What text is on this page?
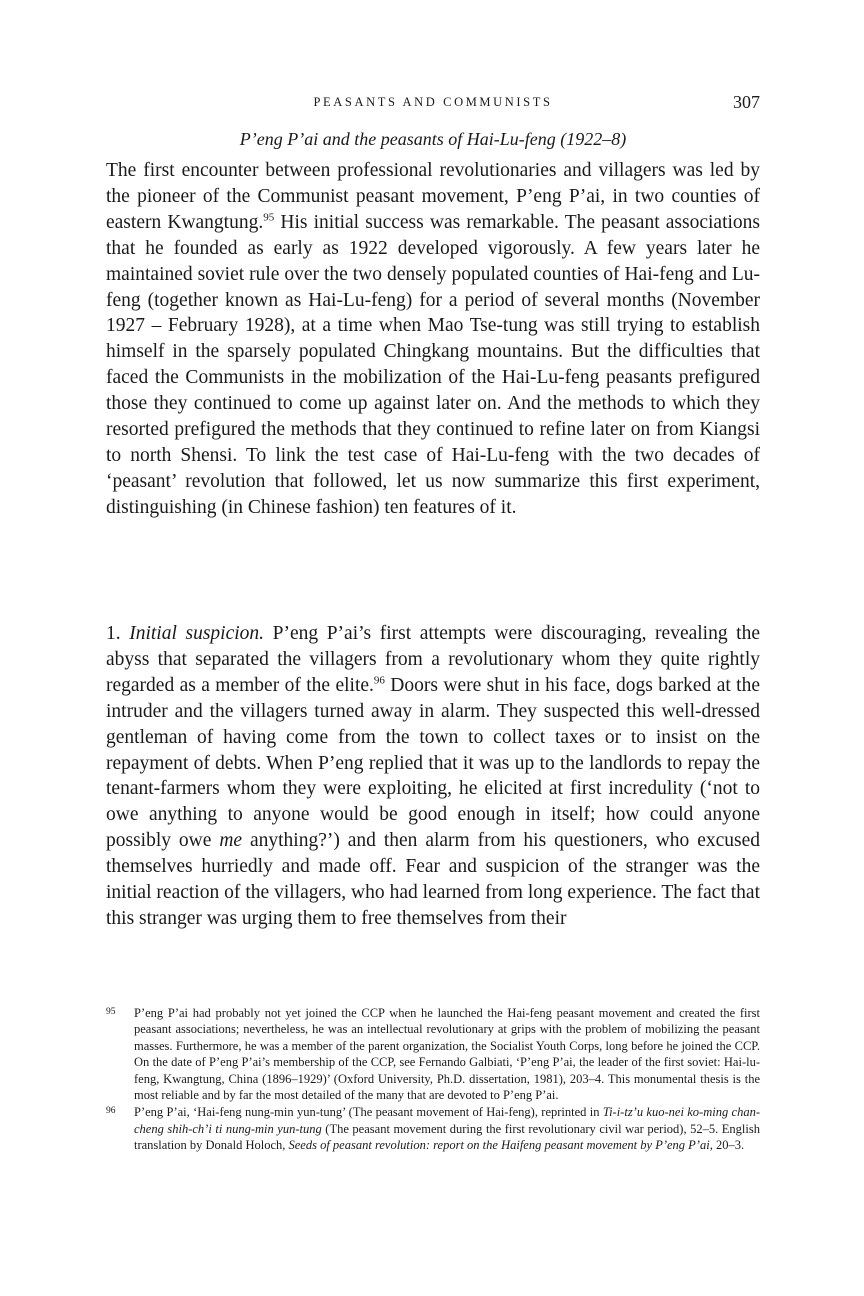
PEASANTS AND COMMUNISTS	307
P’eng P’ai and the peasants of Hai-Lu-feng (1922–8)

The first encounter between professional revolutionaries and villagers was led by the pioneer of the Communist peasant movement, P’eng P’ai, in two counties of eastern Kwangtung.$^{95}$ His initial success was remarkable. The peasant associations that he founded as early as 1922 developed vigorously. A few years later he maintained soviet rule over the two densely populated counties of Hai-feng and Lu-feng (together known as Hai-Lu-feng) for a period of several months (November 1927 – February 1928), at a time when Mao Tse-tung was still trying to establish himself in the sparsely populated Chingkang mountains. But the difficulties that faced the Communists in the mobilization of the Hai-Lu-feng peasants prefigured those they continued to come up against later on. And the methods to which they resorted prefigured the methods that they continued to refine later on from Kiangsi to north Shensi. To link the test case of Hai-Lu-feng with the two decades of ‘peasant’ revolution that followed, let us now summarize this first experiment, distinguishing (in Chinese fashion) ten features of it.

1. Initial suspicion. P’eng P’ai’s first attempts were discouraging, revealing the abyss that separated the villagers from a revolutionary whom they quite rightly regarded as a member of the elite.$^{96}$ Doors were shut in his face, dogs barked at the intruder and the villagers turned away in alarm. They suspected this well-dressed gentleman of having come from the town to collect taxes or to insist on the repayment of debts. When P’eng replied that it was up to the landlords to repay the tenant-farmers whom they were exploiting, he elicited at first incredulity (‘not to owe anything to anyone would be good enough in itself; how could anyone possibly owe me anything?’) and then alarm from his questioners, who excused themselves hurriedly and made off. Fear and suspicion of the stranger was the initial reaction of the villagers, who had learned from long experience. The fact that this stranger was urging them to free themselves from their

95	P’eng P’ai had probably not yet joined the CCP when he launched the Hai-feng peasant movement and created the first peasant associations; nevertheless, he was an intellectual revolutionary at grips with the problem of mobilizing the peasant masses. Furthermore, he was a member of the parent organization, the Socialist Youth Corps, long before he joined the CCP. On the date of P’eng P’ai’s membership of the CCP, see Fernando Galbiati, ‘P’eng P’ai, the leader of the first soviet: Hai-lu-feng, Kwangtung, China (1896–1929)’ (Oxford University, Ph.D. dissertation, 1981), 203–4. This monumental thesis is the most reliable and by far the most detailed of the many that are devoted to P’eng P’ai.
96	P’eng P’ai, ‘Hai-feng nung-min yun-tung’ (The peasant movement of Hai-feng), reprinted in Ti-i-tz’u kuo-nei ko-ming chan-cheng shih-ch’i ti nung-min yun-tung (The peasant movement during the first revolutionary civil war period), 52–5. English translation by Donald Holoch, Seeds of peasant revolution: report on the Haifeng peasant movement by P’eng P’ai, 20–3.
